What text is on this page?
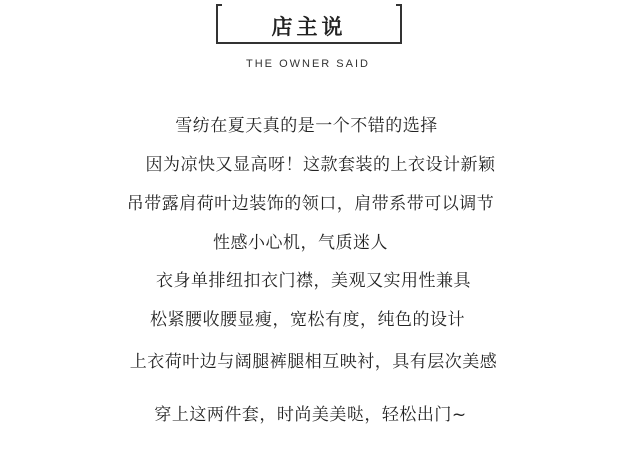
店主说
THE OWNER SAID
雪纺在夏天真的是一个不错的选择
因为凉快又显高呀！这款套装的上衣设计新颖
吊带露肩荷叶边装饰的领口，肩带系带可以调节
性感小心机，气质迷人
衣身单排纽扣衣门襟，美观又实用性兼具
松紧腰收腰显瘦，宽松有度，纯色的设计
上衣荷叶边与阔腿裤腿相互映衬，具有层次美感
穿上这两件套，时尚美美哒，轻松出门~
